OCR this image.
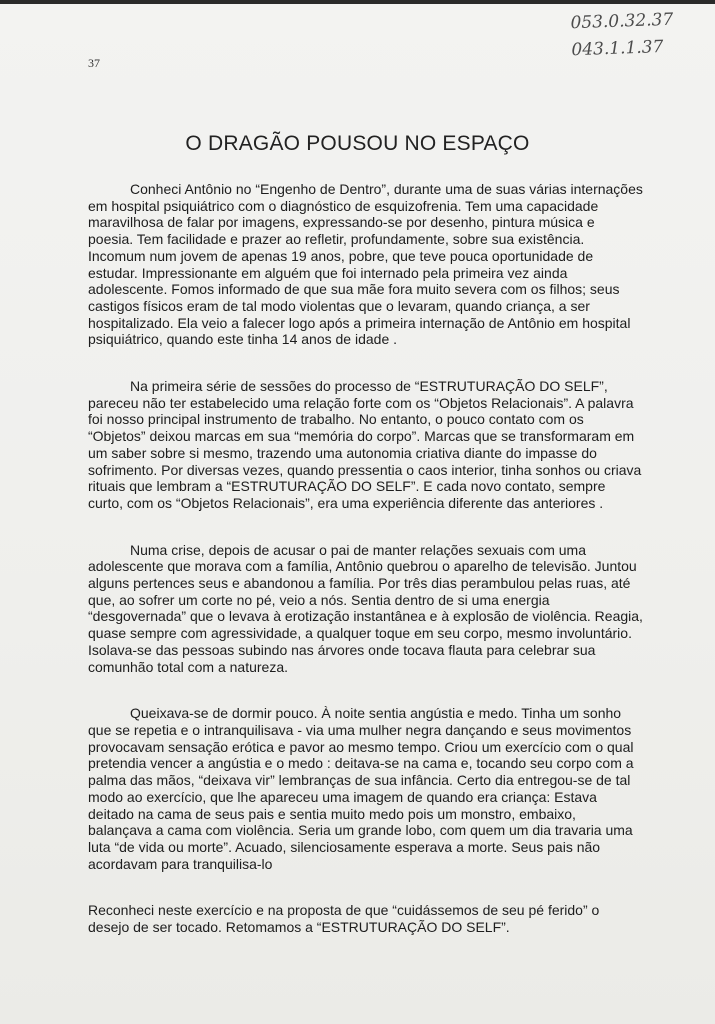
053.0.32.37
043.1.1.37
37
O DRAGÃO POUSOU NO ESPAÇO

Conheci Antônio no “Engenho de Dentro”, durante uma de suas várias internações em hospital psiquiátrico com o diagnóstico de esquizofrenia. Tem uma capacidade maravilhosa de falar por imagens, expressando-se por desenho, pintura música e poesia. Tem facilidade e prazer ao refletir, profundamente, sobre sua existência. Incomum num jovem de apenas 19 anos, pobre, que teve pouca oportunidade de estudar. Impressionante em alguém que foi internado pela primeira vez ainda adolescente. Fomos informado de que sua mãe fora muito severa com os filhos; seus castigos físicos eram de tal modo violentas que o levaram, quando criança, a ser hospitalizado. Ela veio a falecer logo após a primeira internação de Antônio em hospital psiquiátrico, quando este tinha 14 anos de idade .

Na primeira série de sessões do processo de “ESTRUTURAÇÃO DO SELF”, pareceu não ter estabelecido uma relação forte com os “Objetos Relacionais”. A palavra foi nosso principal instrumento de trabalho. No entanto, o pouco contato com os “Objetos” deixou marcas em sua “memória do corpo”. Marcas que se transformaram em um saber sobre si mesmo, trazendo uma autonomia criativa diante do impasse do sofrimento. Por diversas vezes, quando pressentia o caos interior, tinha sonhos ou criava rituais que lembram a “ESTRUTURAÇÃO DO SELF”. E cada novo contato, sempre curto, com os “Objetos Relacionais”, era uma experiência diferente das anteriores .

Numa crise, depois de acusar o pai de manter relações sexuais com uma adolescente que morava com a família, Antônio quebrou o aparelho de televisão. Juntou alguns pertences seus e abandonou a família. Por três dias perambulou pelas ruas, até que, ao sofrer um corte no pé, veio a nós. Sentia dentro de si uma energia “desgovernada” que o levava à erotização instantânea e à explosão de violência. Reagia, quase sempre com agressividade, a qualquer toque em seu corpo, mesmo involuntário. Isolava-se das pessoas subindo nas árvores onde tocava flauta para celebrar sua comunhão total com a natureza.

Queixava-se de dormir pouco. À noite sentia angústia e medo. Tinha um sonho que se repetia e o intranquilisava - via uma mulher negra dançando e seus movimentos provocavam sensação erótica e pavor ao mesmo tempo. Criou um exercício com o qual pretendia vencer a angústia e o medo : deitava-se na cama e, tocando seu corpo com a palma das mãos, “deixava vir” lembranças de sua infância. Certo dia entregou-se de tal modo ao exercício, que lhe apareceu uma imagem de quando era criança: Estava deitado na cama de seus pais e sentia muito medo pois um monstro, embaixo, balançava a cama com violência. Seria um grande lobo, com quem um dia travaria uma luta “de vida ou morte”. Acuado, silenciosamente esperava a morte. Seus pais não acordavam para tranquilisa-lo

Reconheci neste exercício e na proposta de que “cuidássemos de seu pé ferido” o desejo de ser tocado. Retomamos a “ESTRUTURAÇÃO DO SELF”.
